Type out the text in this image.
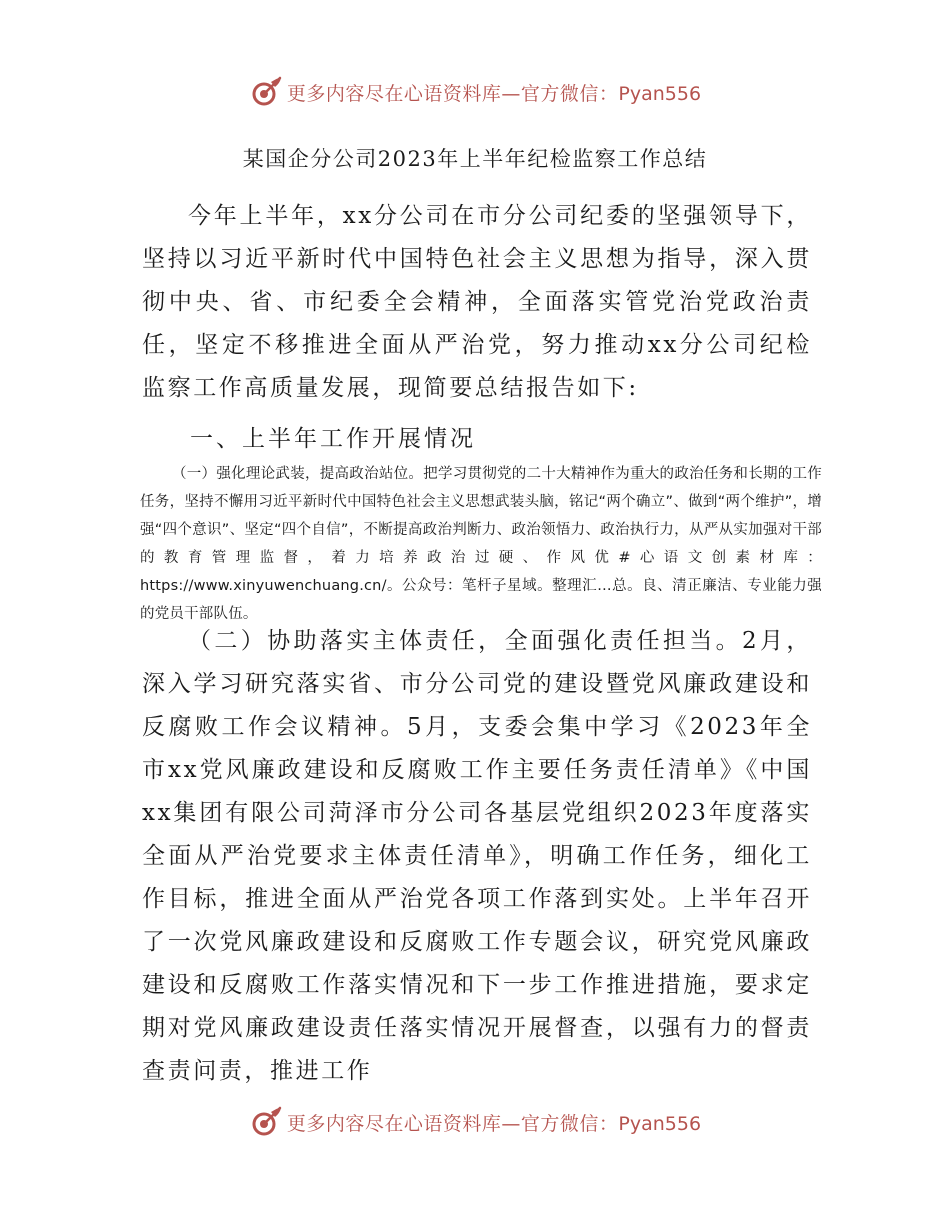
更多内容尽在心语资料库—官方微信：Pyan556
某国企分公司2023年上半年纪检监察工作总结

今年上半年，xx分公司在市分公司纪委的坚强领导下，坚持以习近平新时代中国特色社会主义思想为指导，深入贯彻中央、省、市纪委全会精神，全面落实管党治党政治责任，坚定不移推进全面从严治党，努力推动xx分公司纪检监察工作高质量发展，现简要总结报告如下:

一、上半年工作开展情况

（一）强化理论武装，提高政治站位。把学习贯彻党的二十大精神作为重大的政治任务和长期的工作任务，坚持不懈用习近平新时代中国特色社会主义思想武装头脑，铭记“两个确立”、做到“两个维护”，增强“四个意识”、坚定“四个自信”，不断提高政治判断力、政治领悟力、政治执行力，从严从实加强对干部的教育管理监督，着力培养政治过硬、作风优#心语文创素材库：https://www.xinyuwenchuang.cn/。公众号：笔杆子星域。整理汇…总。良、清正廉洁、专业能力强的党员干部队伍。

（二）协助落实主体责任，全面强化责任担当。2月，深入学习研究落实省、市分公司党的建设暨党风廉政建设和反腐败工作会议精神。5月，支委会集中学习《2023年全市xx党风廉政建设和反腐败工作主要任务责任清单》《中国xx集团有限公司菏泽市分公司各基层党组织2023年度落实全面从严治党要求主体责任清单》，明确工作任务，细化工作目标，推进全面从严治党各项工作落到实处。上半年召开了一次党风廉政建设和反腐败工作专题会议，研究党风廉政建设和反腐败工作落实情况和下一步工作推进措施，要求定期对党风廉政建设责任落实情况开展督查，以强有力的督责查责问责，推进工作

更多内容尽在心语资料库—官方微信：Pyan556
